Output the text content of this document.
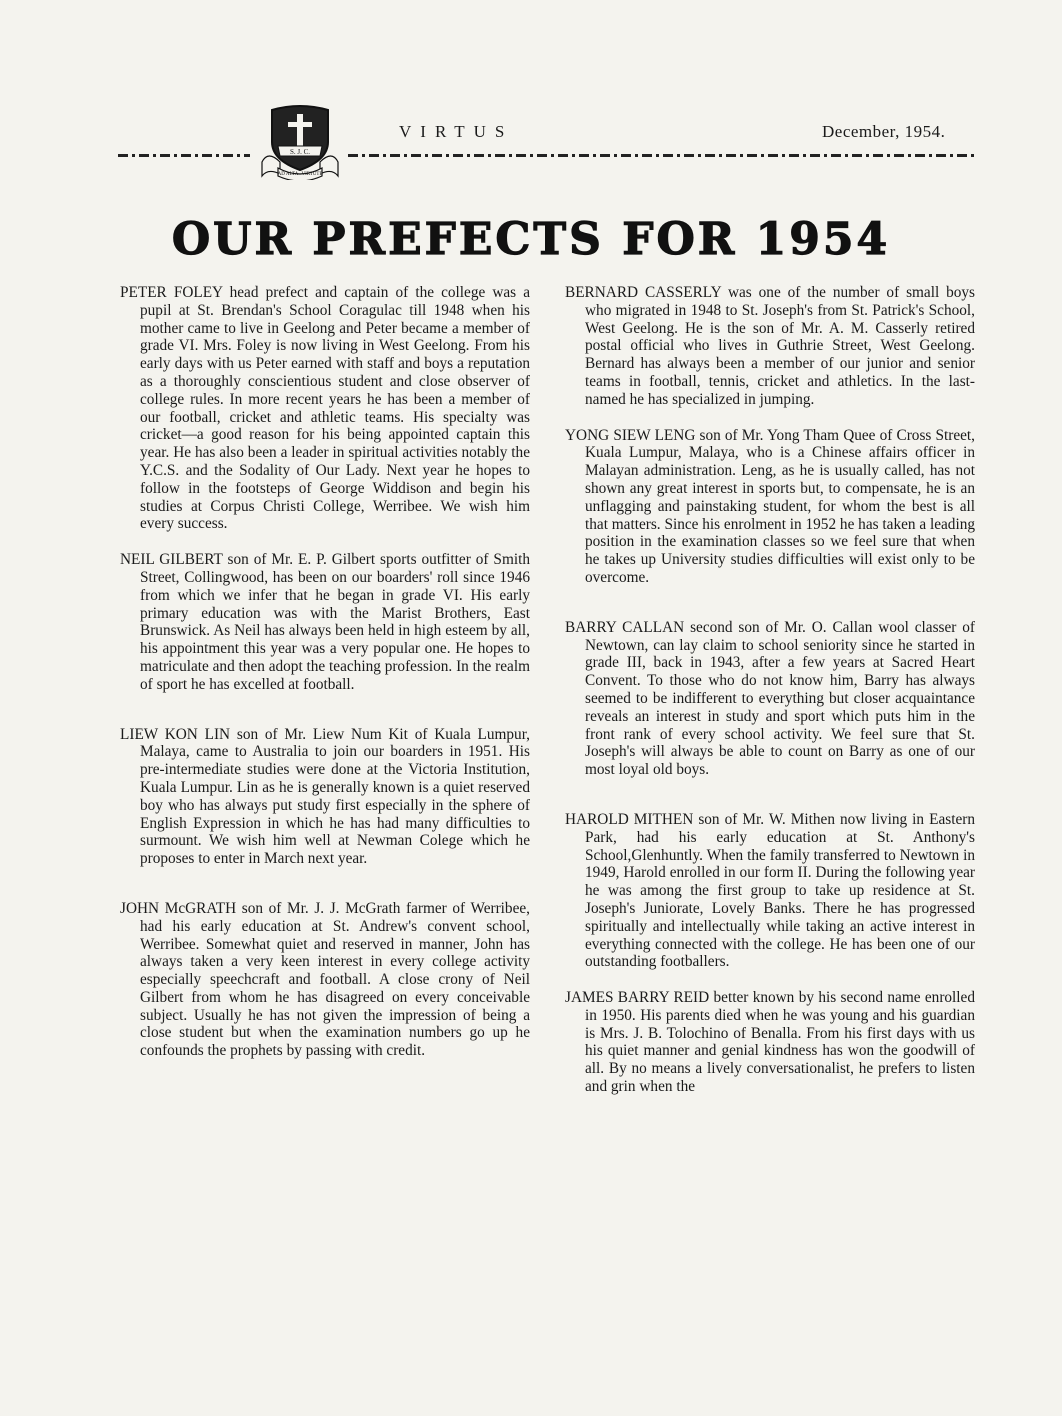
S. J. C.
AD ALTA VIRTUTE
VIRTUS	December, 1954.
OUR PREFECTS FOR 1954

PETER FOLEY head prefect and captain of the college was a pupil at St. Brendan's School Coragulac till 1948 when his mother came to live in Geelong and Peter became a member of grade VI. Mrs. Foley is now living in West Geelong. From his early days with us Peter earned with staff and boys a reputation as a thoroughly conscientious student and close observer of college rules. In more recent years he has been a member of our football, cricket and athletic teams. His specialty was cricket—a good reason for his being appointed captain this year. He has also been a leader in spiritual activities notably the Y.C.S. and the Sodality of Our Lady. Next year he hopes to follow in the footsteps of George Widdison and begin his studies at Corpus Christi College, Werribee. We wish him every success.

NEIL GILBERT son of Mr. E. P. Gilbert sports outfitter of Smith Street, Collingwood, has been on our boarders' roll since 1946 from which we infer that he began in grade VI. His early primary education was with the Marist Brothers, East Brunswick. As Neil has always been held in high esteem by all, his appointment this year was a very popular one. He hopes to matriculate and then adopt the teaching profession. In the realm of sport he has excelled at football.

LIEW KON LIN son of Mr. Liew Num Kit of Kuala Lumpur, Malaya, came to Australia to join our boarders in 1951. His pre-intermediate studies were done at the Victoria Institution, Kuala Lumpur. Lin as he is generally known is a quiet reserved boy who has always put study first especially in the sphere of English Expression in which he has had many difficulties to surmount. We wish him well at Newman Colege which he proposes to enter in March next year.

JOHN McGRATH son of Mr. J. J. McGrath farmer of Werribee, had his early education at St. Andrew's convent school, Werribee. Somewhat quiet and reserved in manner, John has always taken a very keen interest in every college activity especially speechcraft and football. A close crony of Neil Gilbert from whom he has disagreed on every conceivable subject. Usually he has not given the impression of being a close student but when the examination numbers go up he confounds the prophets by passing with credit.

BERNARD CASSERLY was one of the number of small boys who migrated in 1948 to St. Joseph's from St. Patrick's School, West Geelong. He is the son of Mr. A. M. Casserly retired postal official who lives in Guthrie Street, West Geelong. Bernard has always been a member of our junior and senior teams in football, tennis, cricket and athletics. In the last-named he has specialized in jumping.

YONG SIEW LENG son of Mr. Yong Tham Quee of Cross Street, Kuala Lumpur, Malaya, who is a Chinese affairs officer in Malayan administration. Leng, as he is usually called, has not shown any great interest in sports but, to compensate, he is an unflagging and painstaking student, for whom the best is all that matters. Since his enrolment in 1952 he has taken a leading position in the examination classes so we feel sure that when he takes up University studies difficulties will exist only to be overcome.

BARRY CALLAN second son of Mr. O. Callan wool classer of Newtown, can lay claim to school seniority since he started in grade III, back in 1943, after a few years at Sacred Heart Convent. To those who do not know him, Barry has always seemed to be indifferent to everything but closer acquaintance reveals an interest in study and sport which puts him in the front rank of every school activity. We feel sure that St. Joseph's will always be able to count on Barry as one of our most loyal old boys.

HAROLD MITHEN son of Mr. W. Mithen now living in Eastern Park, had his early education at St. Anthony's School,Glenhuntly. When the family transferred to Newtown in 1949, Harold enrolled in our form II. During the following year he was among the first group to take up residence at St. Joseph's Juniorate, Lovely Banks. There he has progressed spiritually and intellectually while taking an active interest in everything connected with the college. He has been one of our outstanding footballers.

JAMES BARRY REID better known by his second name enrolled in 1950. His parents died when he was young and his guardian is Mrs. J. B. Tolochino of Benalla. From his first days with us his quiet manner and genial kindness has won the goodwill of all. By no means a lively conversationalist, he prefers to listen and grin when the
